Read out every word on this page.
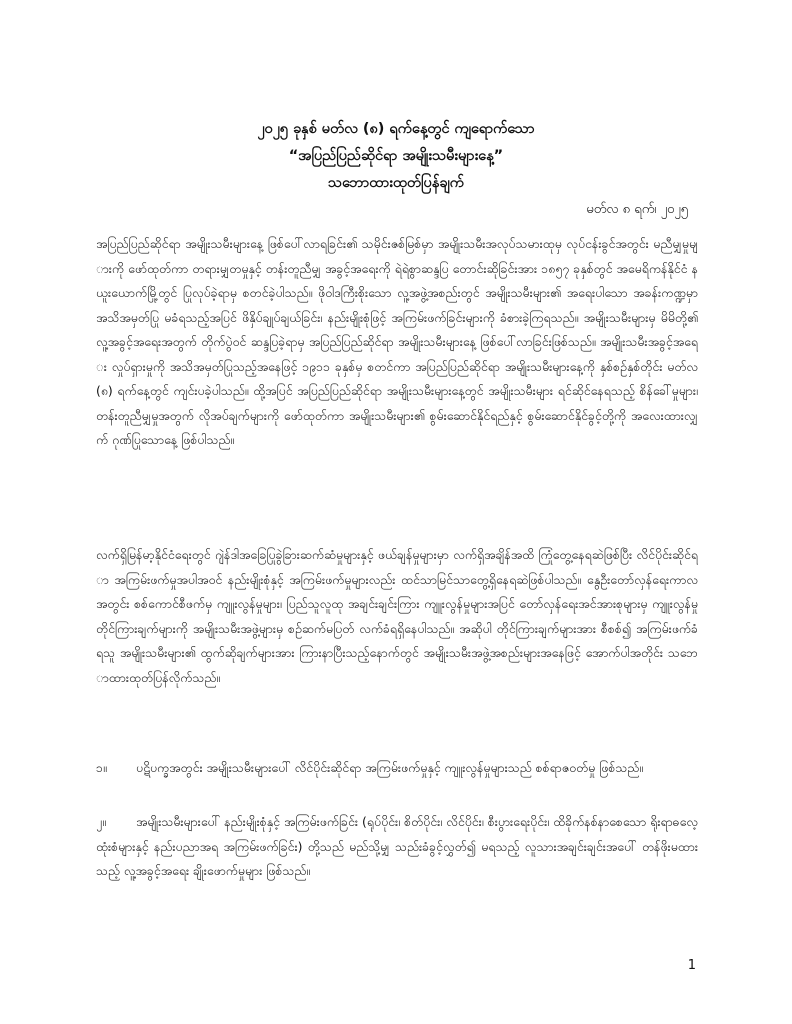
၂၀၂၅ ခုနှစ် မတ်လ (၈) ရက်နေ့တွင် ကျရောက်သော
“အပြည်ပြည်ဆိုင်ရာ အမျိုးသမီးများနေ့”
သဘောထားထုတ်ပြန်ချက်
မတ်လ ၈ ရက်၊ ၂၀၂၅
အပြည်ပြည်ဆိုင်ရာ အမျိုးသမီးများနေ့ ဖြစ်ပေါ်လာရခြင်း၏ သမိုင်းဇစ်မြစ်မှာ အမျိုးသမီးအလုပ်သမားထုမှ လုပ်ငန်းခွင်အတွင်း မညီမျှမှုများကို ဖော်ထုတ်ကာ တရားမျှတမှုနှင့် တန်းတူညီမျှ အခွင့်အရေးကို ရဲရဲစွာဆန္ဒပြ တောင်းဆိုခြင်းအား ၁၈၅၇ ခုနှစ်တွင် အမေရိကန်နိုင်ငံ နယူးယောက်မြို့တွင် ပြုလုပ်ခဲ့ရာမှ စတင်ခဲ့ပါသည်။ ဖိုဝါဒကြီးစိုးသော လူ့အဖွဲ့အစည်းတွင် အမျိုးသမီးများ၏ အရေးပါသော အခန်းကဏ္ဍမှာ အသိအမှတ်ပြု မခံရသည့်အပြင် ဖိနှိပ်ချုပ်ချယ်ခြင်း၊ နည်းမျိုးစုံဖြင့် အကြမ်းဖက်ခြင်းများကို ခံစားခဲ့ကြရသည်။ အမျိုးသမီးများမှ မိမိတို့၏ လူ့အခွင့်အရေးအတွက် တိုက်ပွဲဝင် ဆန္ဒပြခဲ့ရာမှ အပြည်ပြည်ဆိုင်ရာ အမျိုးသမီးများနေ့ ဖြစ်ပေါ်လာခြင်းဖြစ်သည်။ အမျိုးသမီးအခွင့်အရေး လှုပ်ရှားမှုကို အသိအမှတ်ပြုသည့်အနေဖြင့် ၁၉၁၁ ခုနှစ်မှ စတင်ကာ အပြည်ပြည်ဆိုင်ရာ အမျိုးသမီးများနေ့ကို နှစ်စဉ်နှစ်တိုင်း မတ်လ (၈) ရက်နေ့တွင် ကျင်းပခဲ့ပါသည်။ ထို့အပြင် အပြည်ပြည်ဆိုင်ရာ အမျိုးသမီးများနေ့တွင် အမျိုးသမီးများ ရင်ဆိုင်နေရသည့် စိန်ခေါ်မှုများ၊ တန်းတူညီမျှမှုအတွက် လိုအပ်ချက်များကို ဖော်ထုတ်ကာ အမျိုးသမီးများ၏ စွမ်းဆောင်နိုင်ရည်နှင့် စွမ်းဆောင်နိုင်ခွင့်တို့ကို အလေးထားလျှက် ဂုဏ်ပြုသောနေ့ ဖြစ်ပါသည်။
လက်ရှိမြန်မာ့နိုင်ငံရေးတွင် ဂျဲန်ဒါအခြေပြုခွဲခြားဆက်ဆံမှုများနှင့် ဖယ်ချန်မှုများမှာ လက်ရှိအချိန်အထိ ကြုံတွေ့နေရဆဲဖြစ်ပြီး လိင်ပိုင်းဆိုင်ရာ အကြမ်းဖက်မှုအပါအဝင် နည်းမျိုးစုံနှင့် အကြမ်းဖက်မှုများလည်း ထင်သာမြင်သာတွေ့ရှိနေရဆဲဖြစ်ပါသည်။ နွေဦးတော်လှန်ရေးကာလအတွင်း စစ်ကောင်စီဖက်မှ ကျူးလွန်မှုများ၊ ပြည်သူလူထု အချင်းချင်းကြား ကျူးလွန်မှုများအပြင် တော်လှန်ရေးအင်အားစုများမှ ကျူးလွန်မှု တိုင်ကြားချက်များကို အမျိုးသမီးအဖွဲ့များမှ စဉ်ဆက်မပြတ် လက်ခံရရှိနေပါသည်။ အဆိုပါ တိုင်ကြားချက်များအား စီစစ်၍ အကြမ်းဖက်ခံရသူ အမျိုးသမီးများ၏ ထွက်ဆိုချက်များအား ကြားနာပြီးသည့်နောက်တွင် အမျိုးသမီးအဖွဲ့အစည်းများအနေဖြင့် အောက်ပါအတိုင်း သဘောထားထုတ်ပြန်လိုက်သည်။
၁။ ပဋိပက္ခအတွင်း အမျိုးသမီးများပေါ် လိင်ပိုင်းဆိုင်ရာ အကြမ်းဖက်မှုနှင့် ကျူးလွန်မှုများသည် စစ်ရာဇဝတ်မှု ဖြစ်သည်။
၂။ အမျိုးသမီးများပေါ် နည်းမျိုးစုံနှင့် အကြမ်းဖက်ခြင်း (ရုပ်ပိုင်း၊ စိတ်ပိုင်း၊ လိင်ပိုင်း၊ စီးပွားရေးပိုင်း၊ ထိခိုက်နစ်နာစေသော ရိုးရာဓလေ့ထုံးစံများနှင့် နည်းပညာအရ အကြမ်းဖက်ခြင်း) တို့သည် မည်သို့မျှ သည်းခံခွင့်လွှတ်၍ မရသည့် လူသားအချင်းချင်းအပေါ် တန်ဖိုးမထားသည့် လူ့အခွင့်အရေး ချိုးဖောက်မှုများ ဖြစ်သည်။
1
